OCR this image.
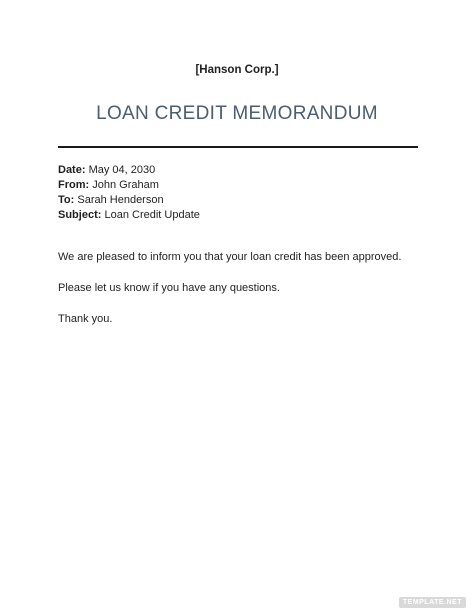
[Hanson Corp.]
LOAN CREDIT MEMORANDUM
Date: May 04, 2030
From: John Graham
To: Sarah Henderson
Subject: Loan Credit Update
We are pleased to inform you that your loan credit has been approved.
Please let us know if you have any questions.
Thank you.
TEMPLATE.NET
